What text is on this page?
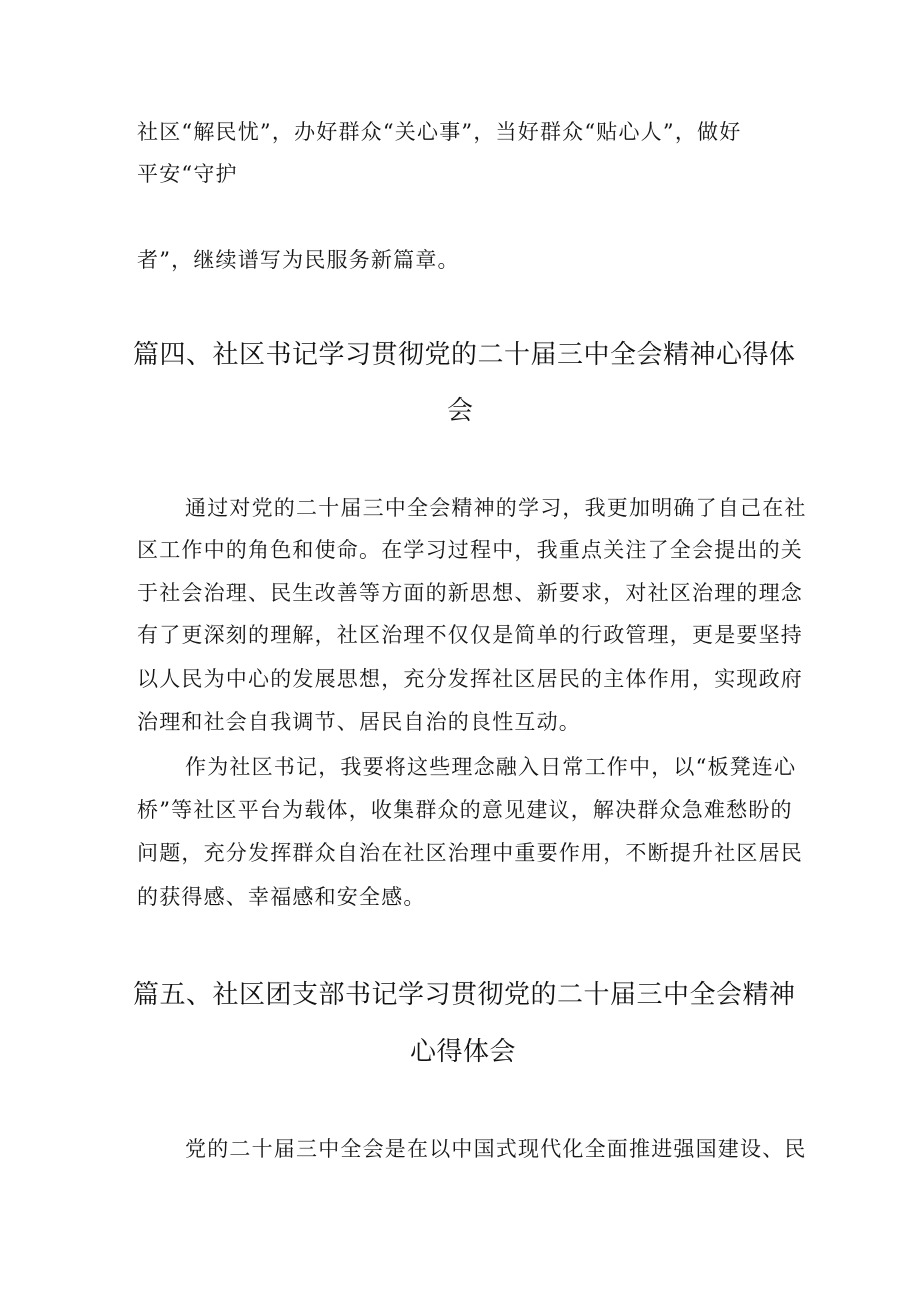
社区“解民忧”，办好群众“关心事”，当好群众“贴心人”，做好
平安“守护
者”，继续谱写为民服务新篇章。
篇四、社区书记学习贯彻党的二十届三中全会精神心得体
会
通过对党的二十届三中全会精神的学习，我更加明确了自己在社
区工作中的角色和使命。在学习过程中，我重点关注了全会提出的关
于社会治理、民生改善等方面的新思想、新要求，对社区治理的理念
有了更深刻的理解，社区治理不仅仅是简单的行政管理，更是要坚持
以人民为中心的发展思想，充分发挥社区居民的主体作用，实现政府
治理和社会自我调节、居民自治的良性互动。
作为社区书记，我要将这些理念融入日常工作中，以“板凳连心
桥”等社区平台为载体，收集群众的意见建议，解决群众急难愁盼的
问题，充分发挥群众自治在社区治理中重要作用，不断提升社区居民
的获得感、幸福感和安全感。
篇五、社区团支部书记学习贯彻党的二十届三中全会精神
心得体会
党的二十届三中全会是在以中国式现代化全面推进强国建设、民
